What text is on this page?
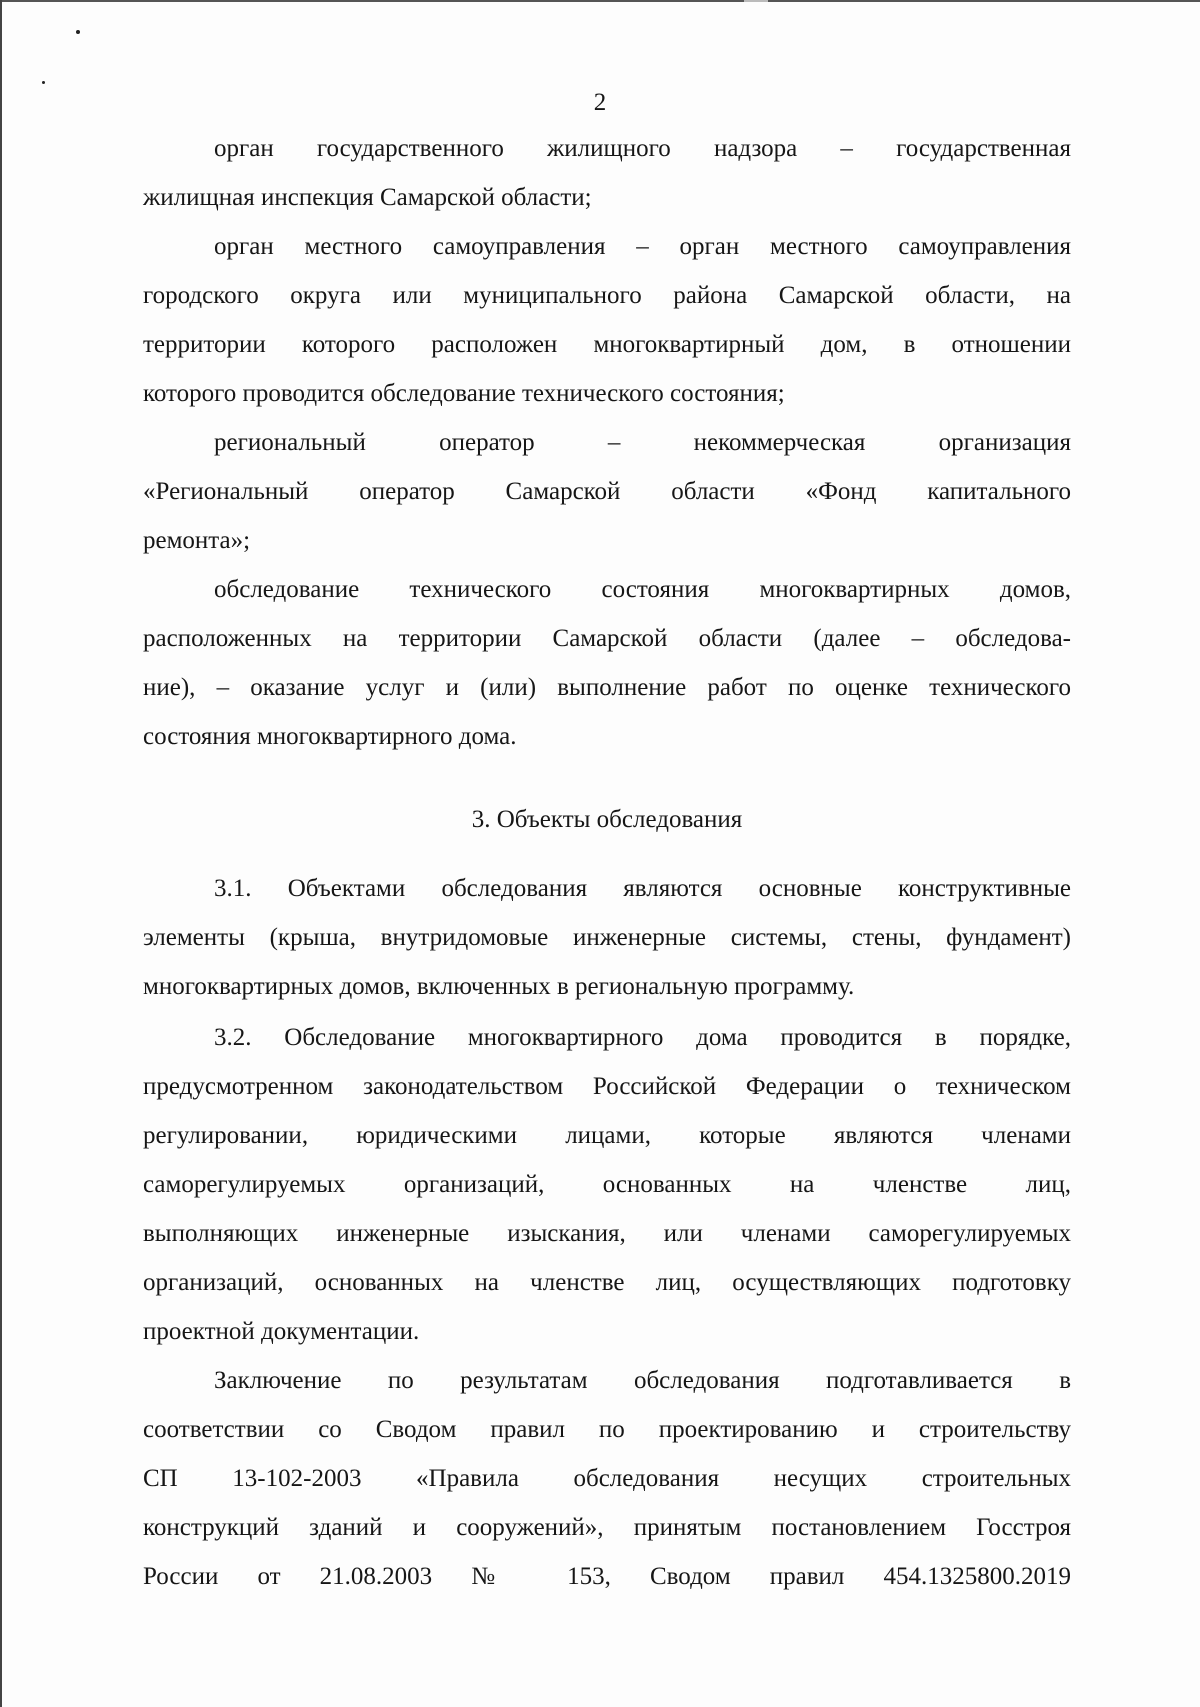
2
орган государственного жилищного надзора – государственная
жилищная инспекция Самарской области;
орган местного самоуправления – орган местного самоуправления
городского округа или муниципального района Самарской области, на
территории которого расположен многоквартирный дом, в отношении
которого проводится обследование технического состояния;
региональный оператор – некоммерческая организация
«Региональный оператор Самарской области «Фонд капитального
ремонта»;
обследование технического состояния многоквартирных домов,
расположенных на территории Самарской области (далее – обследова-
ние), – оказание услуг и (или) выполнение работ по оценке технического
состояния многоквартирного дома.
3. Объекты обследования
3.1. Объектами обследования являются основные конструктивные
элементы (крыша, внутридомовые инженерные системы, стены, фундамент)
многоквартирных домов, включенных в региональную программу.
3.2. Обследование многоквартирного дома проводится в порядке,
предусмотренном законодательством Российской Федерации о техническом
регулировании, юридическими лицами, которые являются членами
саморегулируемых организаций, основанных на членстве лиц,
выполняющих инженерные изыскания, или членами саморегулируемых
организаций, основанных на членстве лиц, осуществляющих подготовку
проектной документации.
Заключение по результатам обследования подготавливается в
соответствии со Сводом правил по проектированию и строительству
СП 13-102-2003 «Правила обследования несущих строительных
конструкций зданий и сооружений», принятым постановлением Госстроя
России от 21.08.2003 № 153, Сводом правил 454.1325800.2019
